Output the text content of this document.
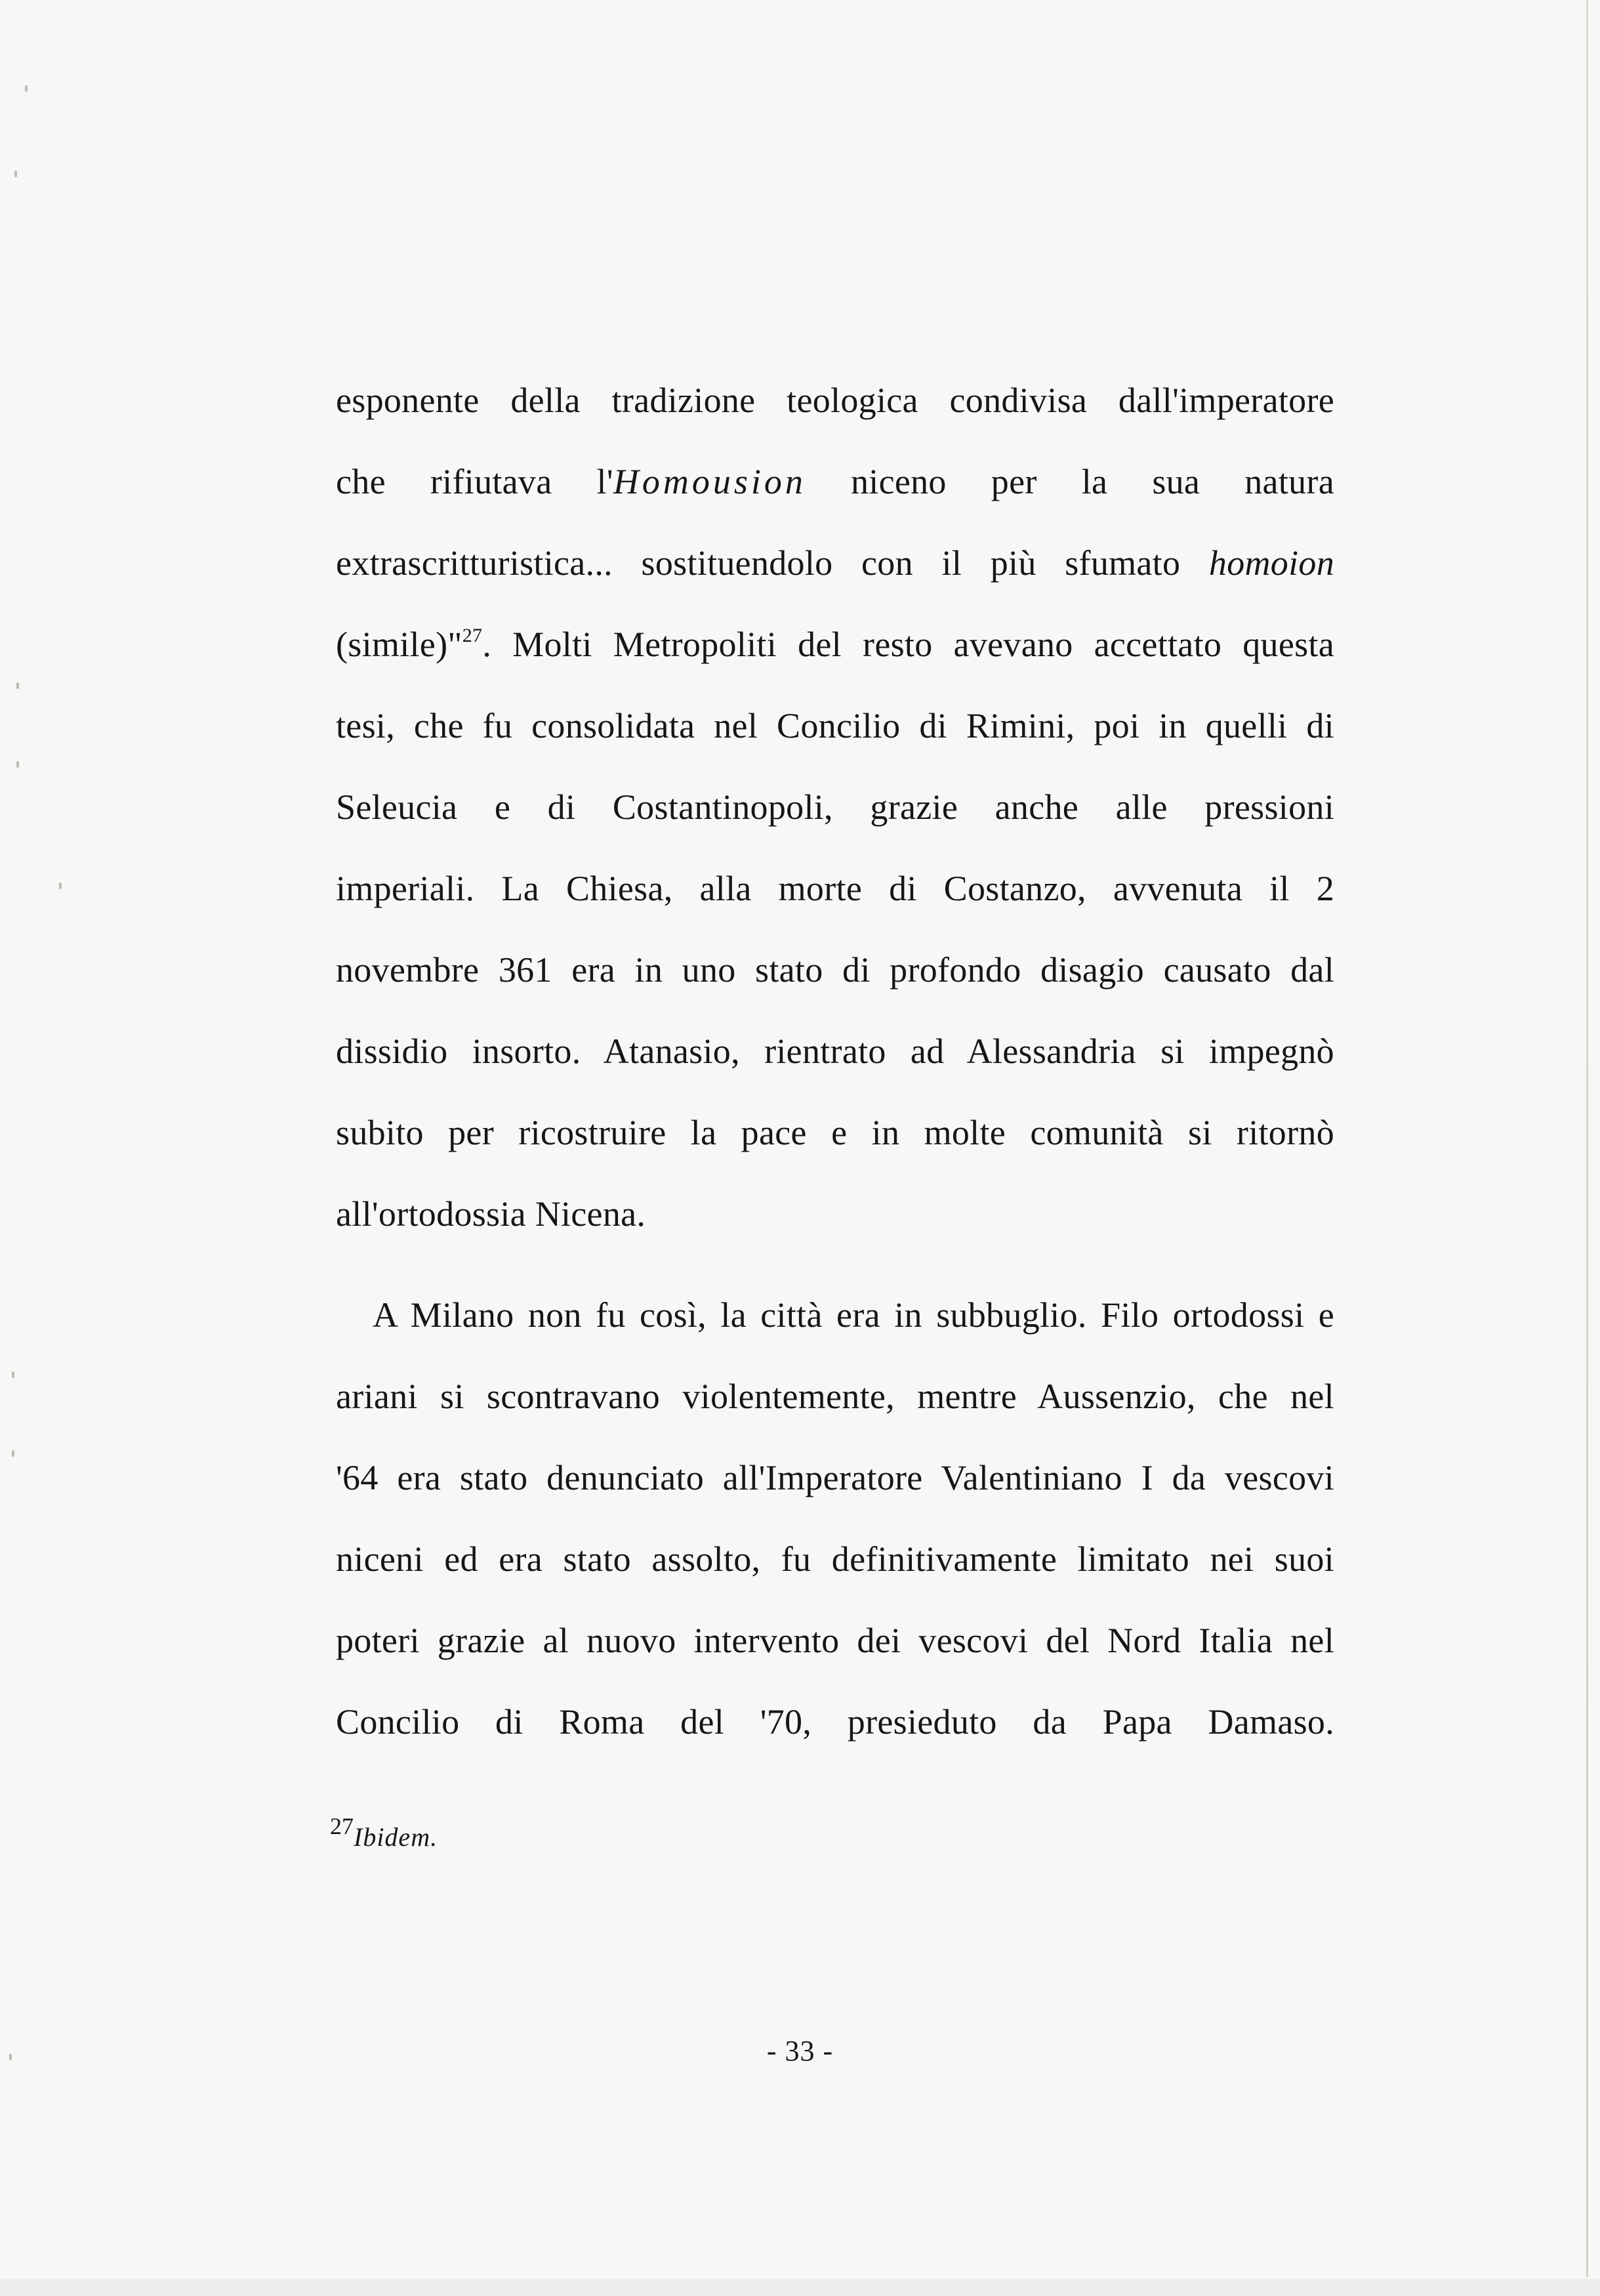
esponente della tradizione teologica condivisa dall'imperatore
che rifiutava l'Homousion niceno per la sua natura
extrascritturistica... sostituendolo con il più sfumato homoion
(simile)"$^{27}$. Molti Metropoliti del resto avevano accettato questa
tesi, che fu consolidata nel Concilio di Rimini, poi in quelli di
Seleucia e di Costantinopoli, grazie anche alle pressioni
imperiali. La Chiesa, alla morte di Costanzo, avvenuta il 2
novembre 361 era in uno stato di profondo disagio causato dal
dissidio insorto. Atanasio, rientrato ad Alessandria si impegnò
subito per ricostruire la pace e in molte comunità si ritornò
all'ortodossia Nicena.
A Milano non fu così, la città era in subbuglio. Filo ortodossi e
ariani si scontravano violentemente, mentre Aussenzio, che nel
'64 era stato denunciato all'Imperatore Valentiniano I da vescovi
niceni ed era stato assolto, fu definitivamente limitato nei suoi
poteri grazie al nuovo intervento dei vescovi del Nord Italia nel
Concilio di Roma del '70, presieduto da Papa Damaso.
$^{27}$Ibidem.
- 33 -
